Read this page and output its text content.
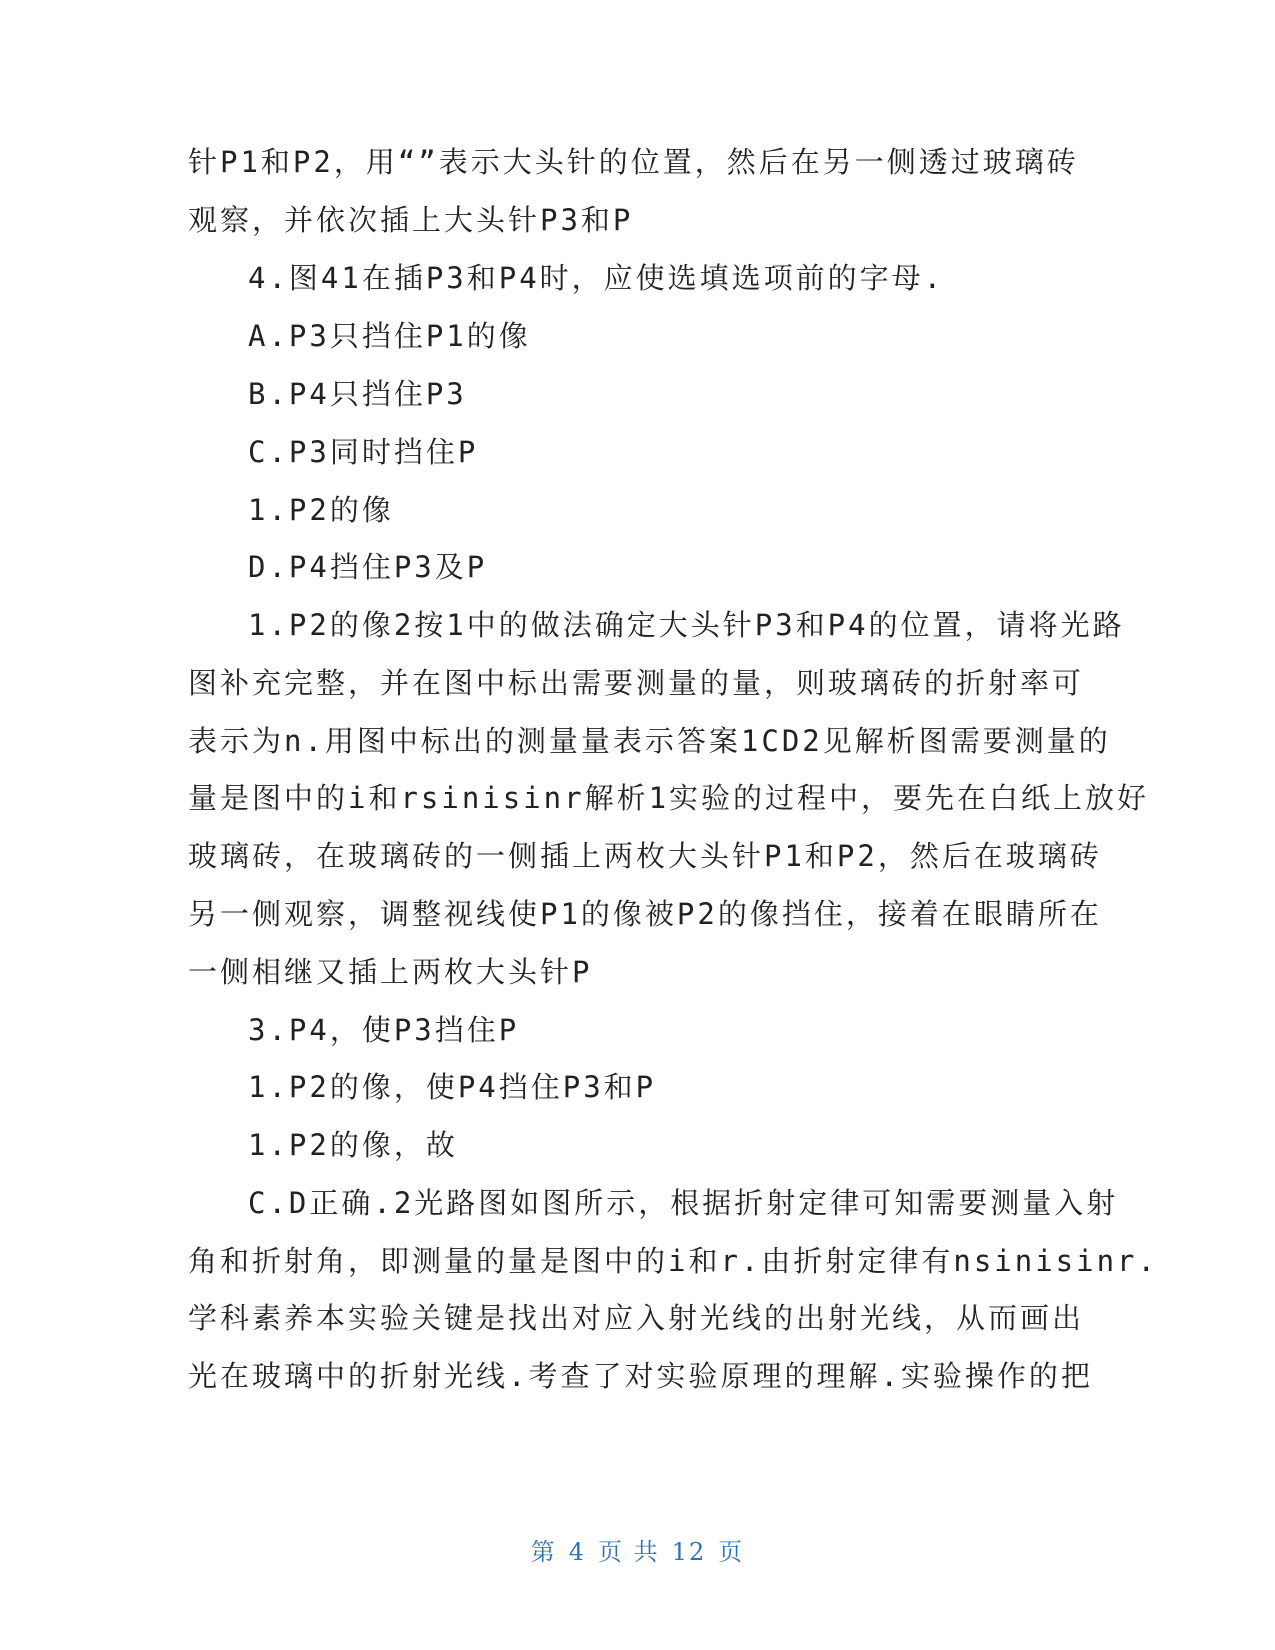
针P1和P2，用“”表示大头针的位置，然后在另一侧透过玻璃砖
观察，并依次插上大头针P3和P
4.图41在插P3和P4时，应使选填选项前的字母.
A.P3只挡住P1的像
B.P4只挡住P3
C.P3同时挡住P
1.P2的像
D.P4挡住P3及P
1.P2的像2按1中的做法确定大头针P3和P4的位置，请将光路
图补充完整，并在图中标出需要测量的量，则玻璃砖的折射率可
表示为n.用图中标出的测量量表示答案1CD2见解析图需要测量的
量是图中的i和rsinisinr解析1实验的过程中，要先在白纸上放好
玻璃砖，在玻璃砖的一侧插上两枚大头针P1和P2，然后在玻璃砖
另一侧观察，调整视线使P1的像被P2的像挡住，接着在眼睛所在
一侧相继又插上两枚大头针P
3.P4，使P3挡住P
1.P2的像，使P4挡住P3和P
1.P2的像，故
C.D正确.2光路图如图所示，根据折射定律可知需要测量入射
角和折射角，即测量的量是图中的i和r.由折射定律有nsinisinr.
学科素养本实验关键是找出对应入射光线的出射光线，从而画出
光在玻璃中的折射光线.考查了对实验原理的理解.实验操作的把
第 4 页 共 12 页
